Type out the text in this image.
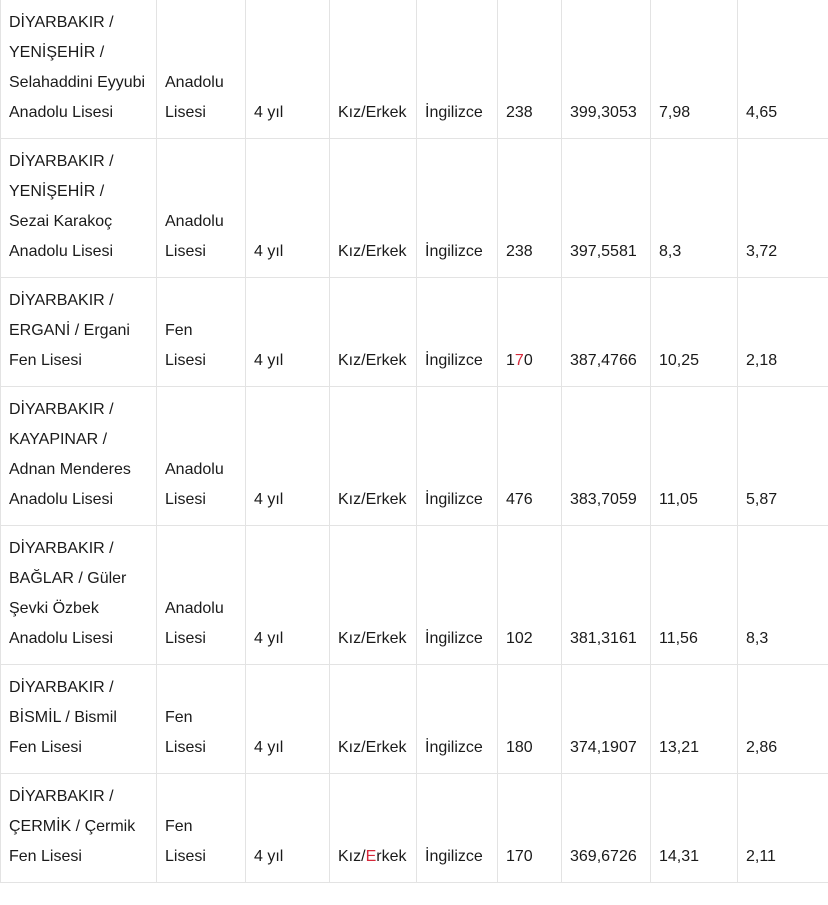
DİYARBAKIR / YENİŞEHİR / Selahaddini Eyyubi Anadolu Lisesi	Anadolu Lisesi	4 yıl	Kız/Erkek	İngilizce	238	399,3053	7,98	4,65
DİYARBAKIR / YENİŞEHİR / Sezai Karakoç Anadolu Lisesi	Anadolu Lisesi	4 yıl	Kız/Erkek	İngilizce	238	397,5581	8,3	3,72
DİYARBAKIR / ERGANİ / Ergani Fen Lisesi	Fen Lisesi	4 yıl	Kız/Erkek	İngilizce	170	387,4766	10,25	2,18
DİYARBAKIR / KAYAPINAR / Adnan Menderes Anadolu Lisesi	Anadolu Lisesi	4 yıl	Kız/Erkek	İngilizce	476	383,7059	11,05	5,87
DİYARBAKIR / BAĞLAR / Güler Şevki Özbek Anadolu Lisesi	Anadolu Lisesi	4 yıl	Kız/Erkek	İngilizce	102	381,3161	11,56	8,3
DİYARBAKIR / BİSMİL / Bismil Fen Lisesi	Fen Lisesi	4 yıl	Kız/Erkek	İngilizce	180	374,1907	13,21	2,86
DİYARBAKIR / ÇERMİK / Çermik Fen Lisesi	Fen Lisesi	4 yıl	Kız/Erkek	İngilizce	170	369,6726	14,31	2,11
